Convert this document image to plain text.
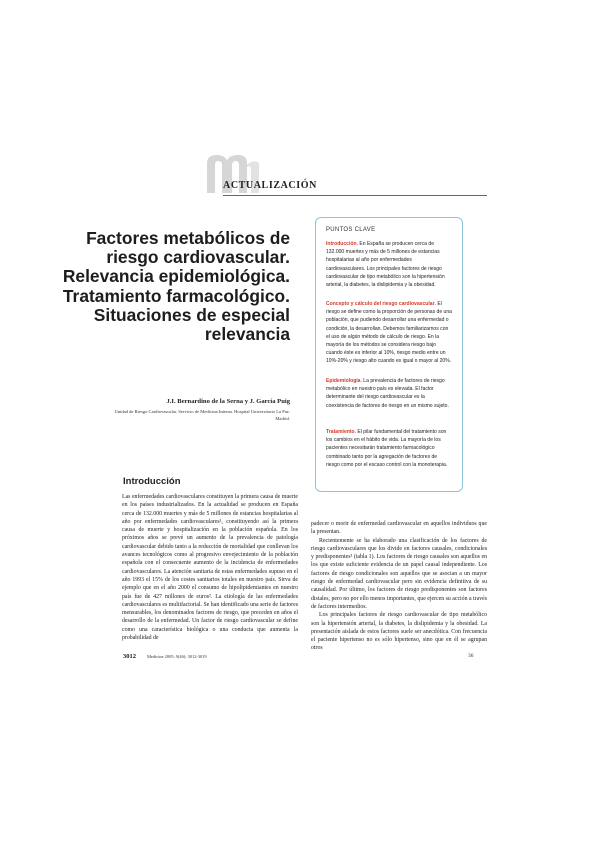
ACTUALIZACIÓN
Factores metabólicos de riesgo cardiovascular. Relevancia epidemiológica. Tratamiento farmacológico. Situaciones de especial relevancia
J.I. Bernardino de la Serna y J. García Puig
Unidad de Riesgo Cardiovascular. Servicio de Medicina Interna. Hospital Universitario La Paz. Madrid.
PUNTOS CLAVE

Introducción. En España se producen cerca de 132.000 muertes y más de 5 millones de estancias hospitalarias al año por enfermedades cardiovasculares. Los principales factores de riesgo cardiovascular de tipo metabólico son la hipertensión arterial, la diabetes, la dislipidemia y la obesidad.

Concepto y cálculo del riesgo cardiovascular. El riesgo se define como la proporción de personas de una población, que pudiendo desarrollar una enfermedad o condición, la desarrollan. Debemos familiarizarnos con el uso de algún método de cálculo de riesgo. En la mayoría de los métodos se considera riesgo bajo cuando éste es inferior al 10%, riesgo medio entre un 10%-20% y riesgo alto cuando es igual o mayor al 20%.

Epidemiología. La prevalencia de factores de riesgo metabólico en nuestro país es elevada. El factor determinante del riesgo cardiovascular es la coexistencia de factores de riesgo en un mismo sujeto.

Tratamiento. El pilar fundamental del tratamiento son los cambios en el hábito de vida. La mayoría de los pacientes necesitarán tratamiento farmacológico combinado tanto por la agregación de factores de riesgo como por el escaso control con la monoterapia.

Introducción

Las enfermedades cardiovasculares constituyen la primera causa de muerte en los países industrializados. En la actualidad se producen en España cerca de 132.000 muertes y más de 5 millones de estancias hospitalarias al año por enfermedades cardiovasculares¹, constituyendo así la primera causa de muerte y hospitalización en la población española. En los próximos años se prevé un aumento de la prevalencia de patología cardiovascular debido tanto a la reducción de mortalidad que conllevan los avances tecnológicos como al progresivo envejecimiento de la población española con el consecuente aumento de la incidencia de enfermedades cardiovasculares. La atención sanitaria de estas enfermedades supuso en el año 1993 el 15% de los costes sanitarios totales en nuestro país. Sirva de ejemplo que en el año 2000 el consumo de hipolipidemiantes en nuestro país fue de 427 millones de euros². La etiología de las enfermedades cardiovasculares es multifactorial. Se han identificado una serie de factores mensurables, los denominados factores de riesgo, que preceden en años el desarrollo de la enfermedad. Un factor de riesgo cardiovascular se define como una característica biológica o una conducta que aumenta la probabilidad de

padecer o morir de enfermedad cardiovascular en aquellos individuos que la presentan.

Recientemente se ha elaborado una clasificación de los factores de riesgo cardiovasculares que los divide en factores causales, condicionales y predisponentes³ (tabla 1). Los factores de riesgo causales son aquellos en los que existe suficiente evidencia de un papel causal independiente. Los factores de riesgo condicionales son aquellos que se asocian a un mayor riesgo de enfermedad cardiovascular pero sin evidencia definitiva de su causalidad. Por último, los factores de riesgo predisponentes son factores distales, pero no por ello menos importantes, que ejercen su acción a través de factores intermedios.

Los principales factores de riesgo cardiovascular de tipo metabólico son la hipertensión arterial, la diabetes, la dislipidemia y la obesidad. La presentación aislada de estos factores suele ser anecdótica. Con frecuencia el paciente hipertenso no es sólo hipertenso, sino que en él se agrupan otros

3012	Medicine 2005; 9(46): 3012-3019	36
